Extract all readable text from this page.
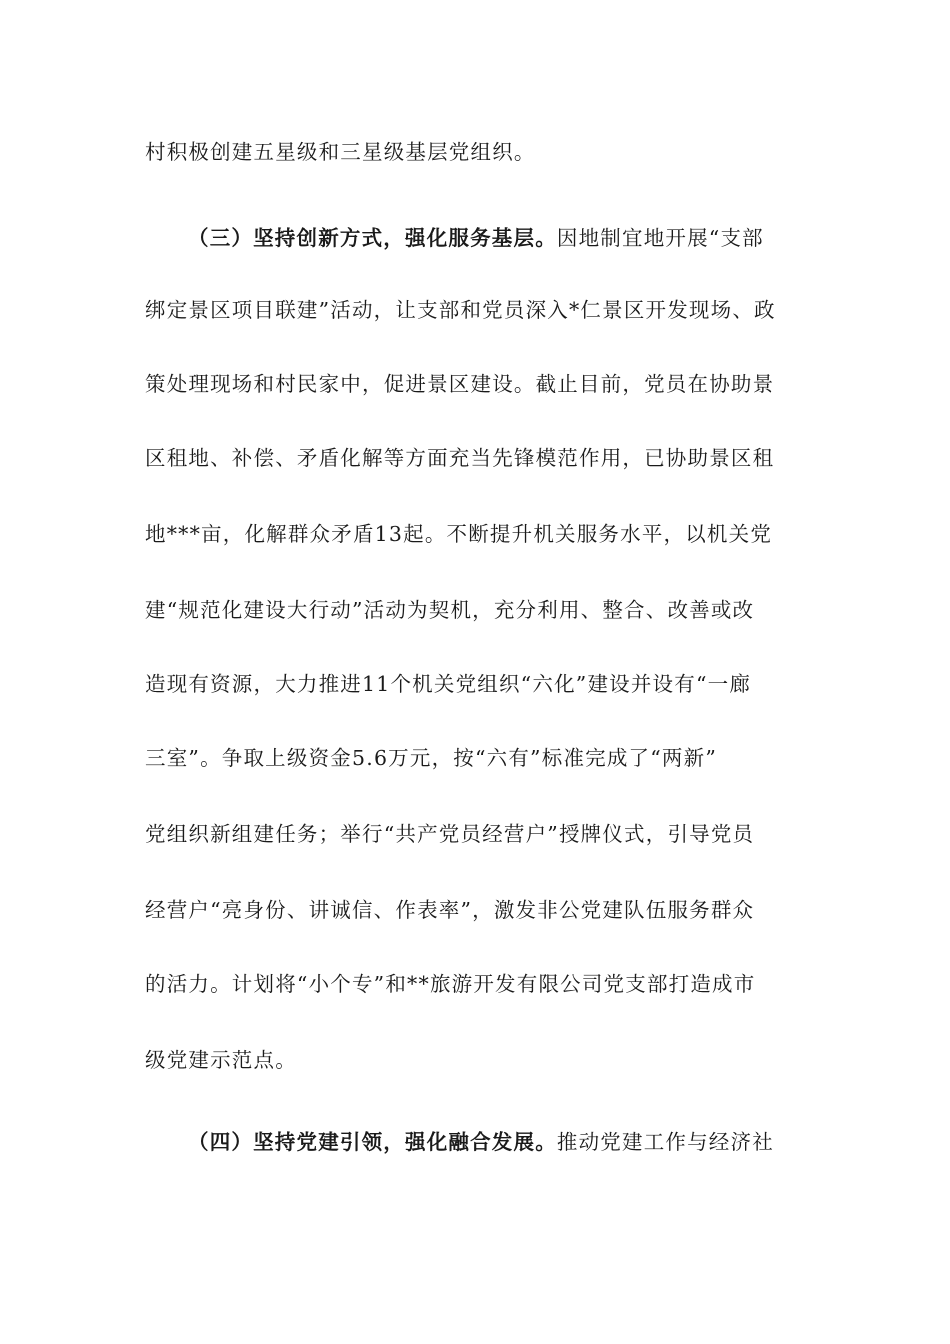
村积极创建五星级和三星级基层党组织。
（三）坚持创新方式，强化服务基层。因地制宜地开展“支部
绑定景区项目联建”活动，让支部和党员深入*仁景区开发现场、政
策处理现场和村民家中，促进景区建设。截止目前，党员在协助景
区租地、补偿、矛盾化解等方面充当先锋模范作用，已协助景区租
地***亩，化解群众矛盾13起。不断提升机关服务水平，以机关党
建“规范化建设大行动”活动为契机，充分利用、整合、改善或改
造现有资源，大力推进11个机关党组织“六化”建设并设有“一廊
三室”。争取上级资金5.6万元，按“六有”标准完成了“两新”
党组织新组建任务；举行“共产党员经营户”授牌仪式，引导党员
经营户“亮身份、讲诚信、作表率”，激发非公党建队伍服务群众
的活力。计划将“小个专”和**旅游开发有限公司党支部打造成市
级党建示范点。
（四）坚持党建引领，强化融合发展。推动党建工作与经济社
